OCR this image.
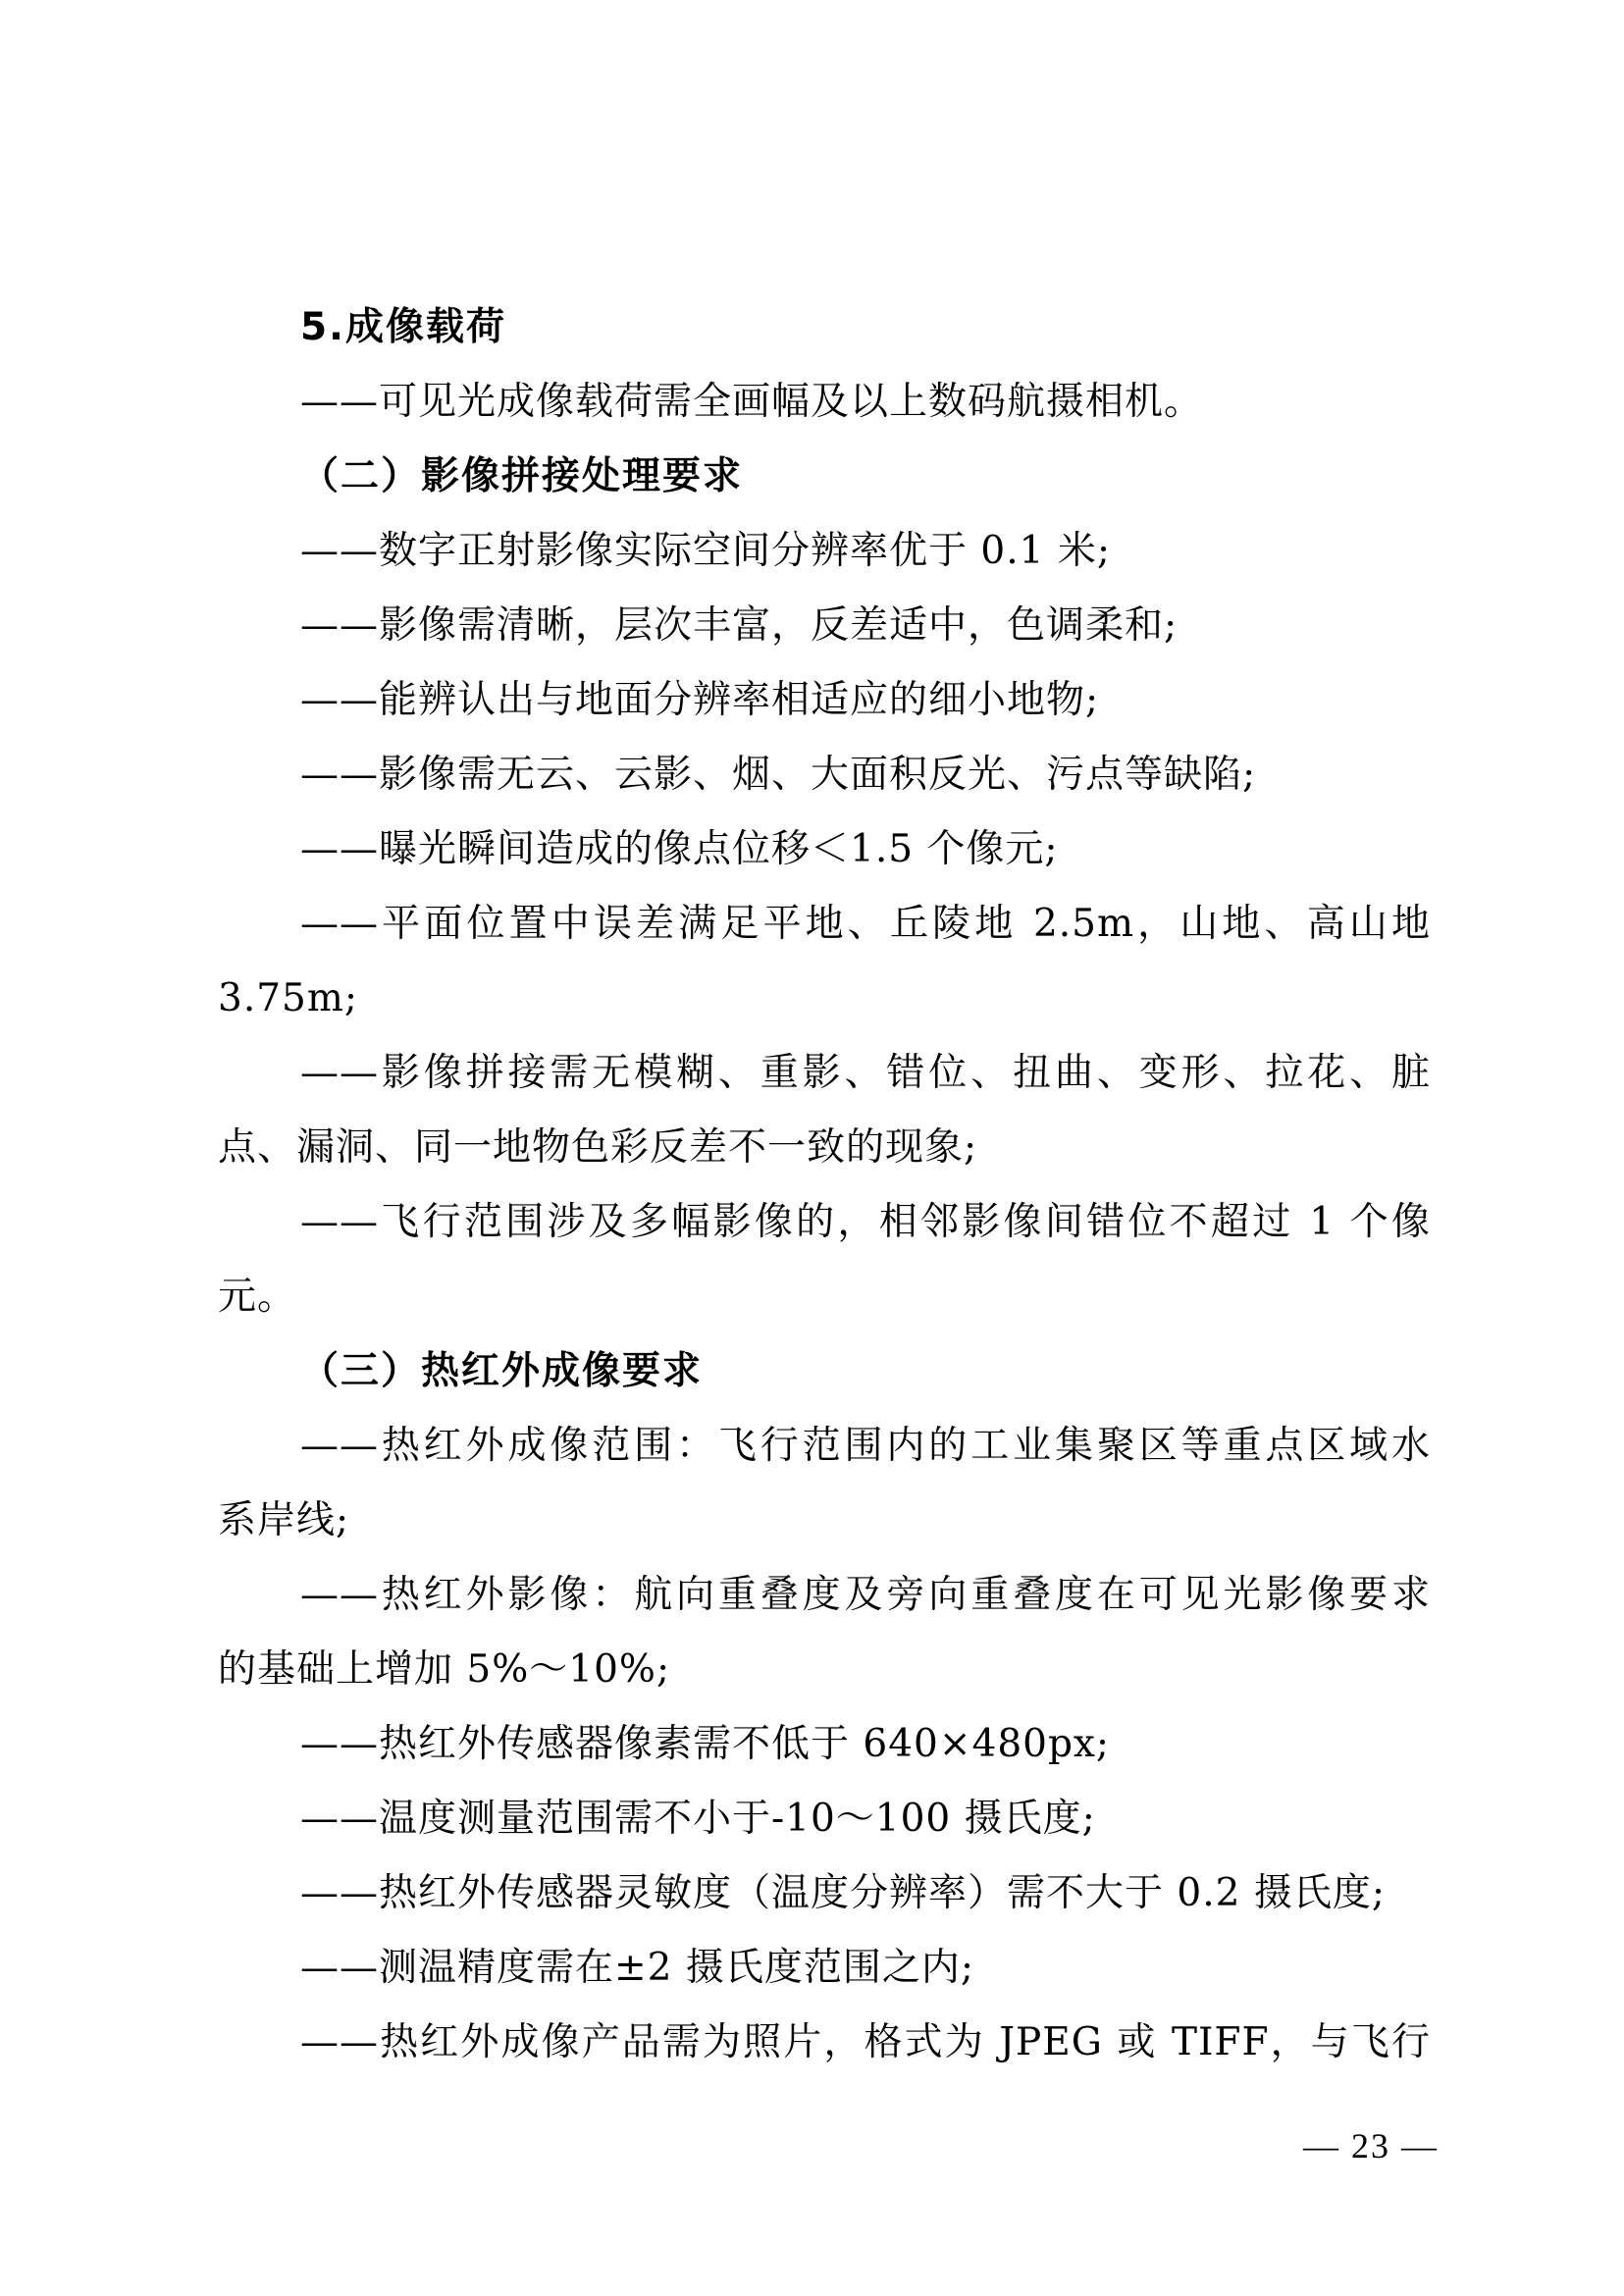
5.成像载荷
——可见光成像载荷需全画幅及以上数码航摄相机。
（二）影像拼接处理要求
——数字正射影像实际空间分辨率优于 0.1 米;
——影像需清晰，层次丰富，反差适中，色调柔和;
——能辨认出与地面分辨率相适应的细小地物;
——影像需无云、云影、烟、大面积反光、污点等缺陷;
——曝光瞬间造成的像点位移＜1.5 个像元;
——平面位置中误差满足平地、丘陵地 2.5m，山地、高山地
3.75m;
——影像拼接需无模糊、重影、错位、扭曲、变形、拉花、脏
点、漏洞、同一地物色彩反差不一致的现象;
——飞行范围涉及多幅影像的，相邻影像间错位不超过 1 个像
元。
（三）热红外成像要求
——热红外成像范围：飞行范围内的工业集聚区等重点区域水
系岸线;
——热红外影像：航向重叠度及旁向重叠度在可见光影像要求
的基础上增加 5%～10%;
——热红外传感器像素需不低于 640×480px;
——温度测量范围需不小于-10～100 摄氏度;
——热红外传感器灵敏度（温度分辨率）需不大于 0.2 摄氏度;
——测温精度需在±2 摄氏度范围之内;
——热红外成像产品需为照片，格式为 JPEG 或 TIFF，与飞行
— 23 —
